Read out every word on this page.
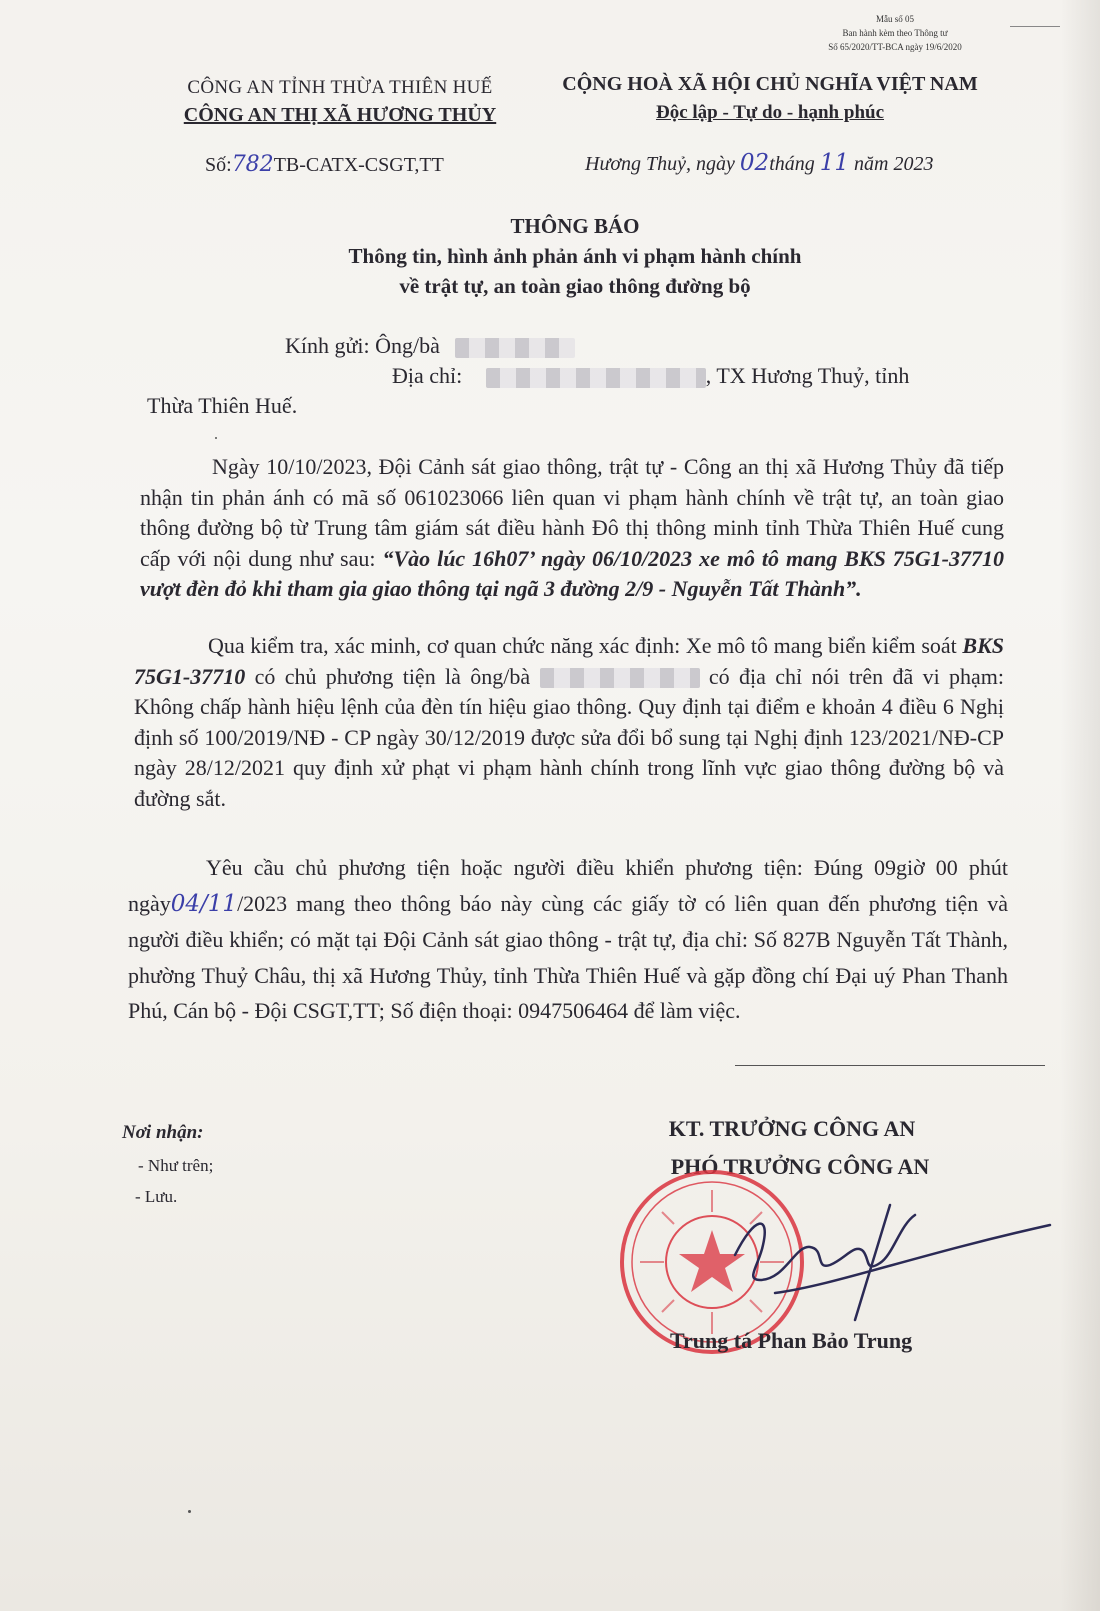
Mẫu số 05
Ban hành kèm theo Thông tư
Số 65/2020/TT-BCA ngày 19/6/2020
CÔNG AN TỈNH THỪA THIÊN HUẾ
CÔNG AN THỊ XÃ HƯƠNG THỦY
Số:782TB-CATX-CSGT,TT
CỘNG HOÀ XÃ HỘI CHỦ NGHĨA VIỆT NAM
Độc lập - Tự do - hạnh phúc
Hương Thuỷ, ngày 02tháng 11 năm 2023
THÔNG BÁO
Thông tin, hình ảnh phản ánh vi phạm hành chính
về trật tự, an toàn giao thông đường bộ
Kính gửi: Ông/bà
Địa chỉ:	, TX Hương Thuỷ, tỉnh
Thừa Thiên Huế.
Ngày 10/10/2023, Đội Cảnh sát giao thông, trật tự - Công an thị xã Hương Thủy đã tiếp nhận tin phản ánh có mã số 061023066 liên quan vi phạm hành chính về trật tự, an toàn giao thông đường bộ từ Trung tâm giám sát điều hành Đô thị thông minh tỉnh Thừa Thiên Huế cung cấp với nội dung như sau: “Vào lúc 16h07’ ngày 06/10/2023 xe mô tô mang BKS 75G1-37710 vượt đèn đỏ khi tham gia giao thông tại ngã 3 đường 2/9 - Nguyễn Tất Thành”.
Qua kiểm tra, xác minh, cơ quan chức năng xác định: Xe mô tô mang biển kiểm soát BKS 75G1-37710 có chủ phương tiện là ông/bà	có địa chỉ nói trên đã vi phạm: Không chấp hành hiệu lệnh của đèn tín hiệu giao thông. Quy định tại điểm e khoản 4 điều 6 Nghị định số 100/2019/NĐ - CP ngày 30/12/2019 được sửa đổi bổ sung tại Nghị định 123/2021/NĐ-CP ngày 28/12/2021 quy định xử phạt vi phạm hành chính trong lĩnh vực giao thông đường bộ và đường sắt.
Yêu cầu chủ phương tiện hoặc người điều khiển phương tiện: Đúng 09giờ 00 phút ngày04/11/2023 mang theo thông báo này cùng các giấy tờ có liên quan đến phương tiện và người điều khiển; có mặt tại Đội Cảnh sát giao thông - trật tự, địa chỉ: Số 827B Nguyễn Tất Thành, phường Thuỷ Châu, thị xã Hương Thủy, tỉnh Thừa Thiên Huế và gặp đồng chí Đại uý Phan Thanh Phú, Cán bộ - Đội CSGT,TT; Số điện thoại: 0947506464 để làm việc.
Nơi nhận:
- Như trên;
- Lưu.
KT. TRƯỞNG CÔNG AN
PHÓ TRƯỞNG CÔNG AN
Trung tá Phan Bảo Trung
